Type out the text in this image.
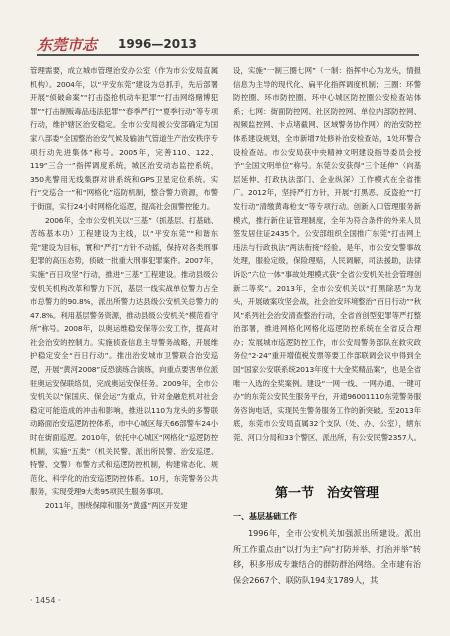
东莞市志 1996—2013

管理需要，成立城市管理治安办公室（作为市公安局直属机构）。2004年，以“平安东莞”建设为总抓手，先后部署开展“侦破命案”“打击盗抢机动车犯罪”“打击网络赌博犯罪”“打击制贩毒品违法犯罪”“春季严打”“夏季行动”等专项行动，维护辖区治安稳定。全市公安局被公安部确定为国家八部委“全国整治治安气候及输油气管道生产治安秩序专项行动先进集体”称号。2005年，完善110、122、119“三合一”指挥调度系统，城区治安动态监控系统，350兆警用无线集群对讲系统和GPS卫星定位系统。实行“交巡合一”和“网格化”巡防机制，整合警力资源，布警于街面，实行24小时网格化巡逻，提高社会面警控能力。

2006年，全市公安机关以“三基”（抓基层、打基础、苦练基本功）工程建设为主线，以“平安东莞”“和谐东莞”建设为目标，實和“严打”方针不动摇，保持对各类刑事犯罪的高压态势，侦破一批重大刑事犯罪案件。2007年，实施“百日攻坚”行动，推进“三基”工程建设。推动县级公安机关机构改革和警力下沉，基层一线实战单位警力占全市总警力的90.8%，派出所警力达县级公安机关总警力的47.8%。利用基层警务资源，推动县级公安机关“模范看守所”称号。2008年，以奥运维稳安保等公安工作，提高对社会治安的控制力。实施侦查信息主导警务战略，开展维护稳定安全“百日行动”。推出治安城市卫警联合治安巡逻，开展“黄河2008”反恐演练合演练，向重点要害单位派驻奥运安保联络员，完成奥运安保任务。2009年，全市公安机关以“保国庆、保会运”为重点，针对金融危机对社会稳定可能造成的冲击和影响，推进以110为龙头的多警联动路面治安巡逻防控体系，市中心城区每天66部警车24小时在街面巡逻。2010年，依托中心城区“网格化”巡逻防控机制，实施“五类”（机关民警、派出所民警、治安巡逻、特警、交警）布警方式和巡逻防控机制，构建常态化、规范化、科学化的治安巡逻防控体系。10月，东莞警务公共服务，实现受理9大类95项民生服务事项。

2011年，围绕保障和服务“黄盛”两区开发建

设，实施“一制三圈七网”（一制：指挥中心为龙头，情报信息为主导的现代化、扁平化指挥调度机制；三圈：环警防控圈、环市防控圈、环中心城区防控圈公安检查站体系；七网：街面防控网、社区防控网、单位内部防控网、视频监控网、卡点堵截网、区域警务协作网）的治安防控体系建设规划，全市新增7处修补治安检查站，1处环警合设检查站。市公安局获中央精神文明建设指导委员会授予“全国文明单位”称号。东莞公安获得“三个延伸”（向基层延伸、打政执法部门、企业纵深）工作模式在全省推广。2012年，坚持严打方针，开展“打黑恶、反盗抢”“打发行动”清缴黄毒枪支“等专项行动。创新入口管理服务新模式，推行新住证管理制度，全年为符合条件的外来人员签发居住证2435个。公安部组织全国推广东莞“打击网上违法与行政执法”两法衔接“经验。是年，市公安交警事故处理，服验定级，保险理赔，人民调解，司法援助，法律诉讼”六位一体“事故处理模式获“全省公安机关社会管理创新二等奖”。2013年，全市公安机关以“打黑除恶”为龙头，开展破案攻坚会战，社会治安环境整治“百日行动”“秋风”系列社会治安清查整治行动，全省首创型犯罪等严打整治部署，推进网格化网格化巡逻防控系统在全省反合理办；发展城市巡逻防控工作，市公安局警务部队在救灾政务位“2·24”重开增值税发票等要工作部联调会议中得到全国“国家公安联系统2013年度十大金奖精品案”，也是全省唯一入选的全奖案例。建设“一网一线、一网办通、一键可办”的东莞公安民生服务平台，开通96001110东莞警务服务咨询电话，实现民生警务服务工作的新突破。至2013年底，东莞市公安局直属32个支队（处、办、公室），辖东莞、河口分局和33个警区、派出所，有公安民警2357人。

第一节　治安管理
一、基层基础工作

1996年，全市公安机关加强派出所建设。派出所工作重点由“以打为主”向“打防并举、打治并举”转移，积多形成专兼结合的群防群治网络。全市建有治保会2667个、联防队194支1789人，其

· 1454 ·
